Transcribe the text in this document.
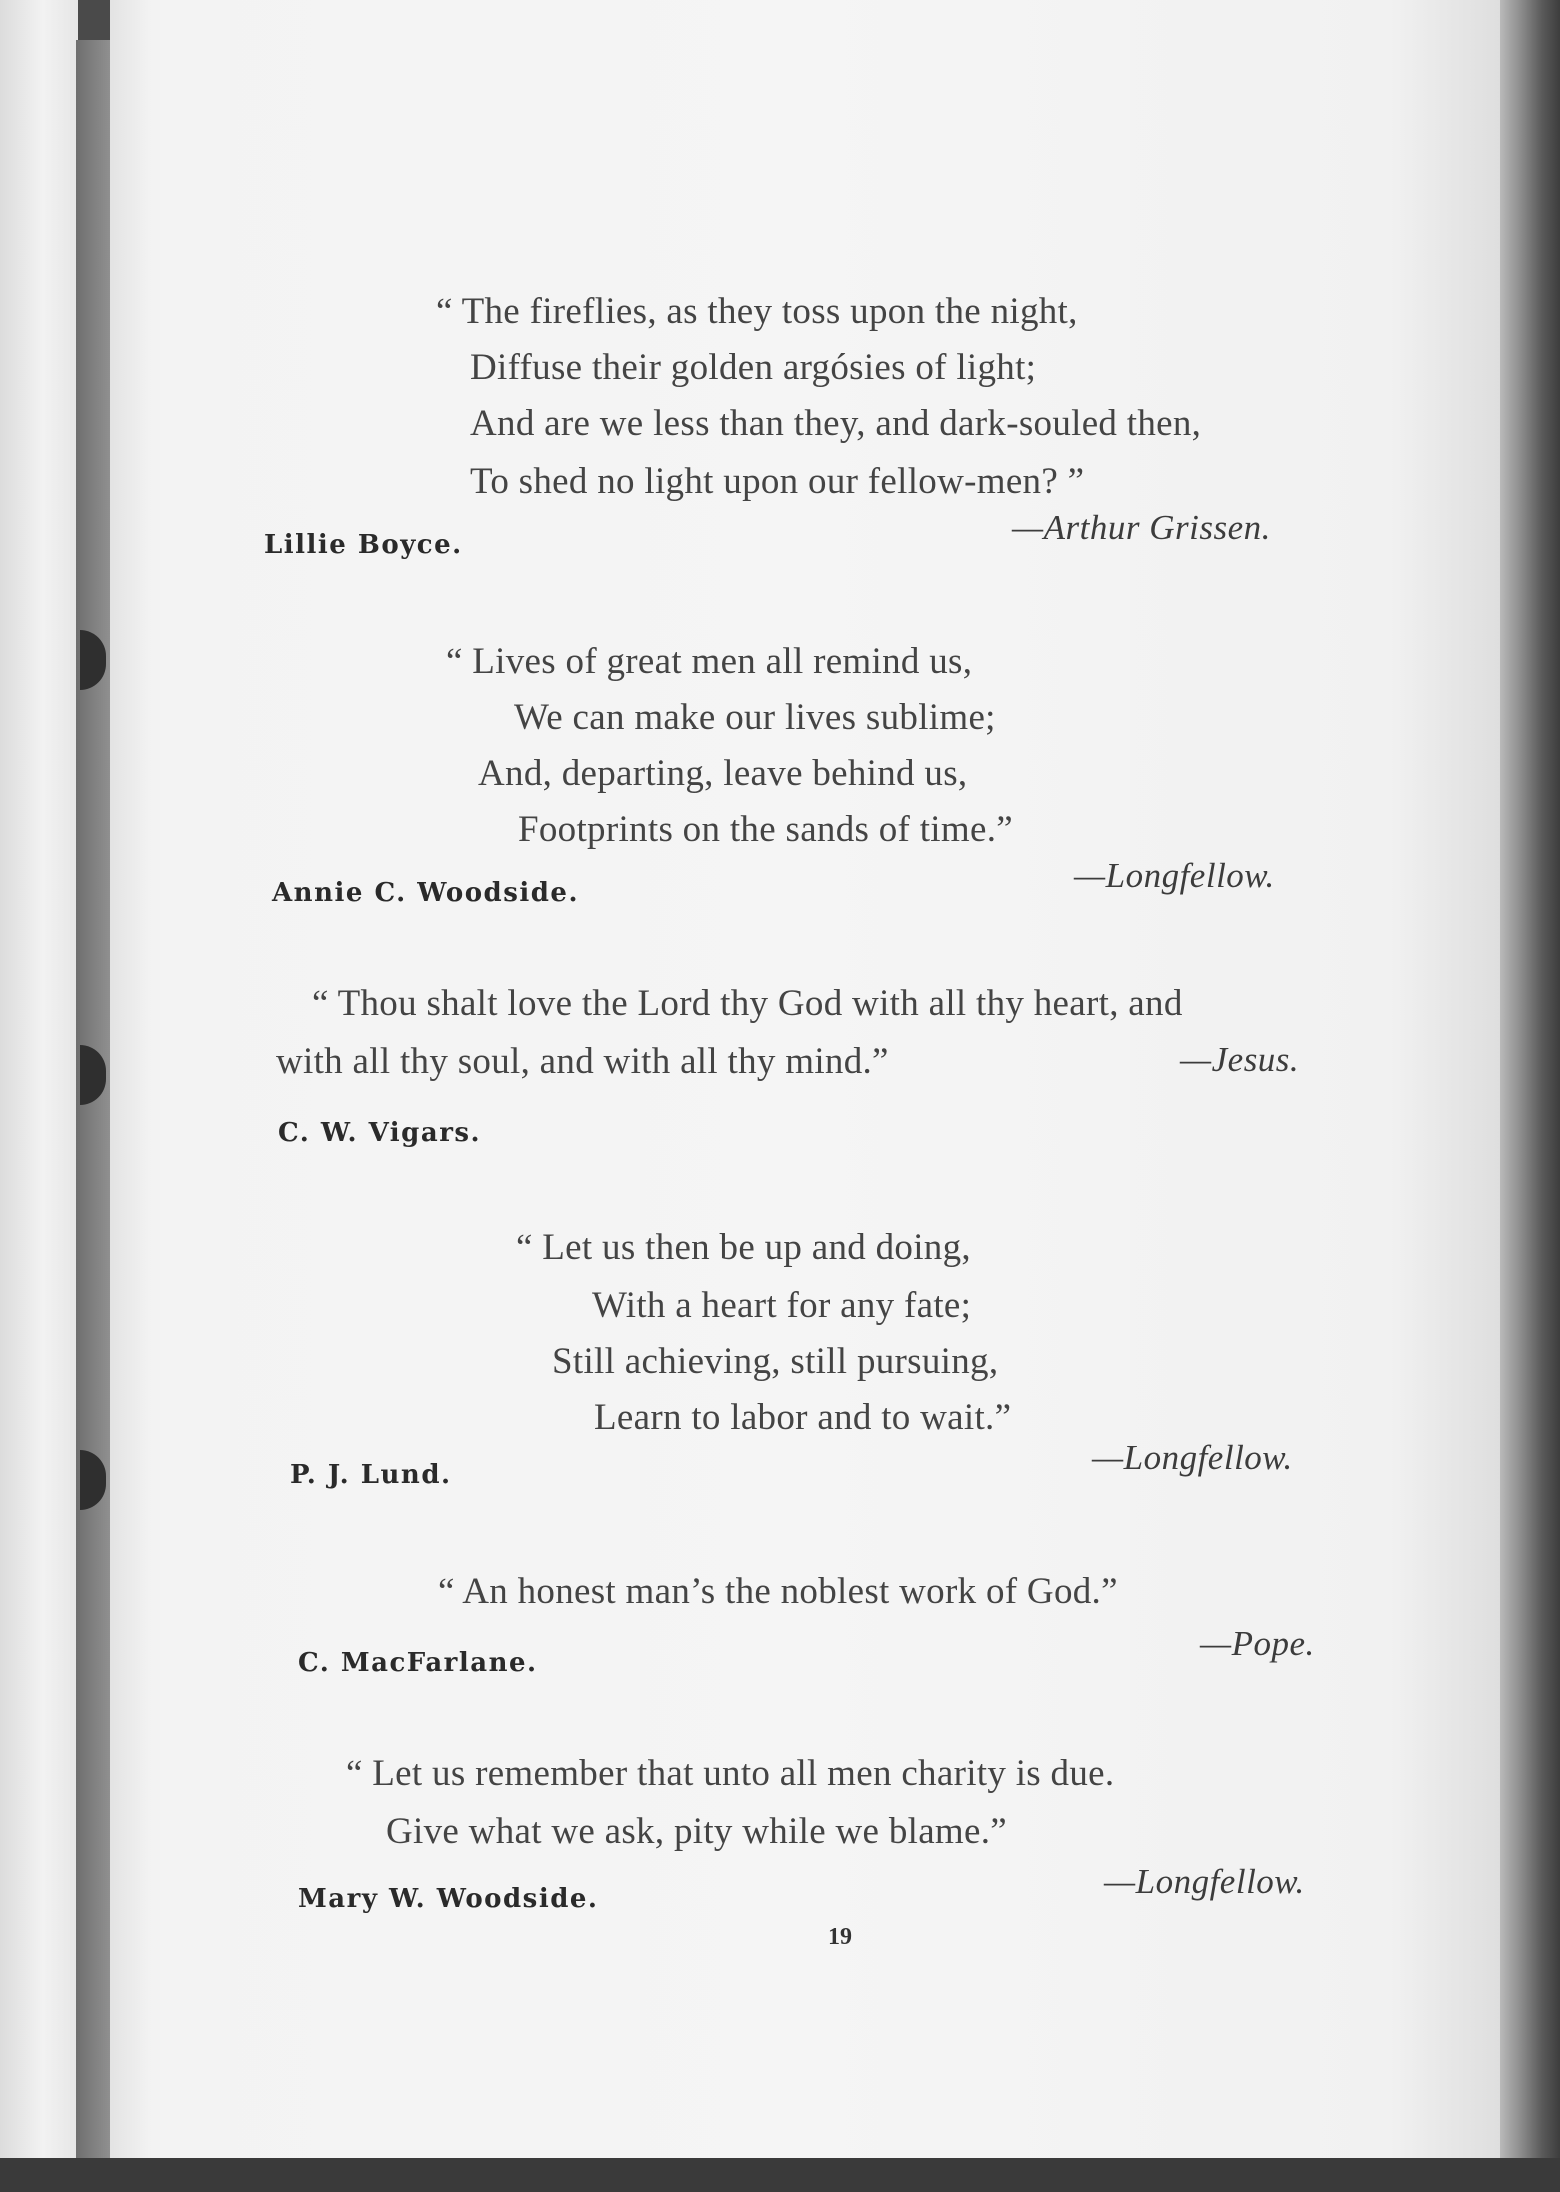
“ The fireflies, as they toss upon the night,
Diffuse their golden argósies of light;
And are we less than they, and dark-souled then,
To shed no light upon our fellow-men? ”
—Arthur Grissen.
Lillie Boyce.
“ Lives of great men all remind us,
We can make our lives sublime;
And, departing, leave behind us,
Footprints on the sands of time.”
—Longfellow.
Annie C. Woodside.
“ Thou shalt love the Lord thy God with all thy heart, and
with all thy soul, and with all thy mind.”	—Jesus.
C. W. Vigars.
“ Let us then be up and doing,
With a heart for any fate;
Still achieving, still pursuing,
Learn to labor and to wait.”
—Longfellow.
P. J. Lund.
“ An honest man’s the noblest work of God.”
—Pope.
C. MacFarlane.
“ Let us remember that unto all men charity is due.
Give what we ask, pity while we blame.”
—Longfellow.
Mary W. Woodside.
19
